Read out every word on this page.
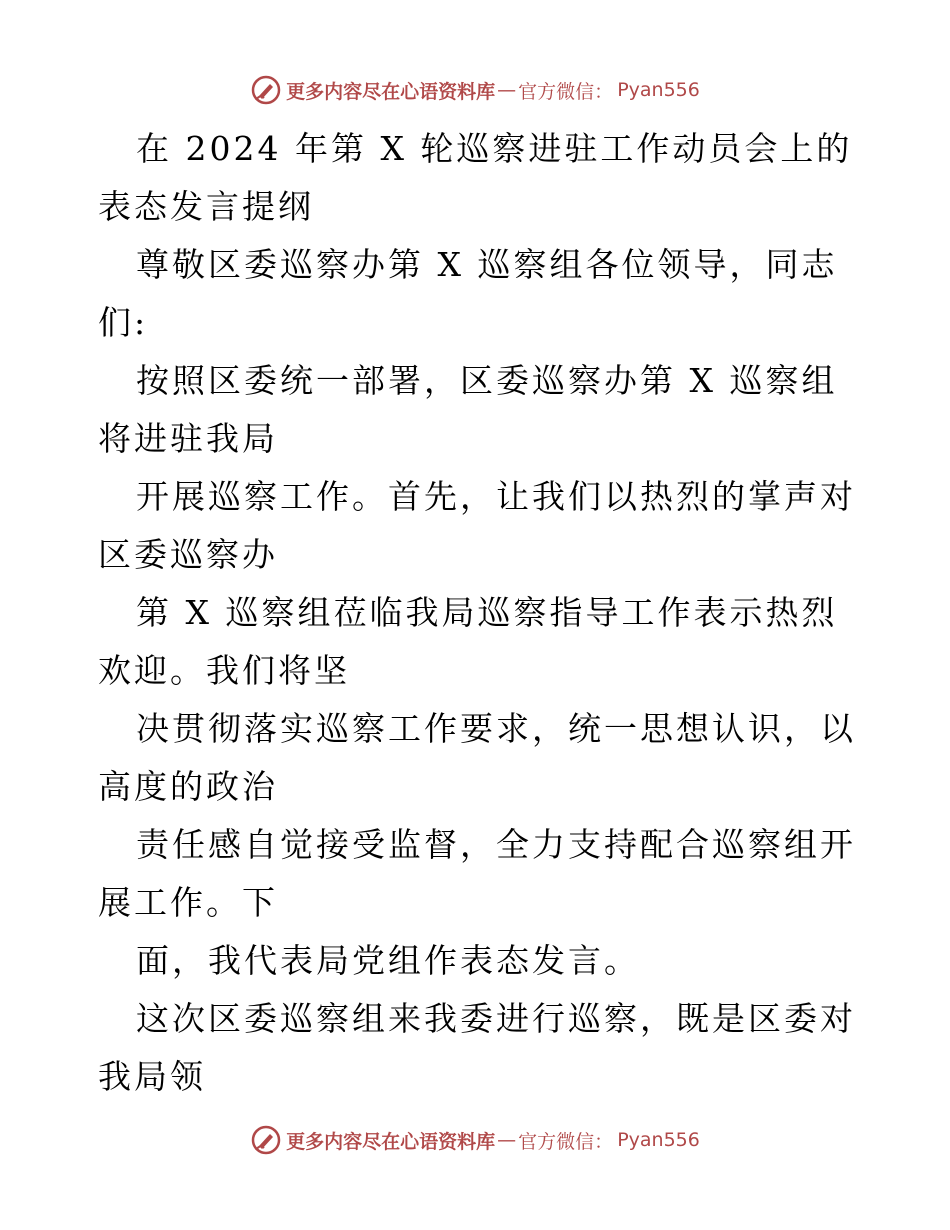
更多内容尽在心语资料库 — 官方微信： Pyan556

在 2024 年第 X 轮巡察进驻工作动员会上的表态发言提纲

尊敬区委巡察办第 X 巡察组各位领导，同志们:

按照区委统一部署，区委巡察办第 X 巡察组将进驻我局

开展巡察工作。首先，让我们以热烈的掌声对区委巡察办

第 X 巡察组莅临我局巡察指导工作表示热烈欢迎。我们将坚

决贯彻落实巡察工作要求，统一思想认识，以高度的政治

责任感自觉接受监督，全力支持配合巡察组开展工作。下

面，我代表局党组作表态发言。

这次区委巡察组来我委进行巡察，既是区委对我局领

更多内容尽在心语资料库 — 官方微信： Pyan556
